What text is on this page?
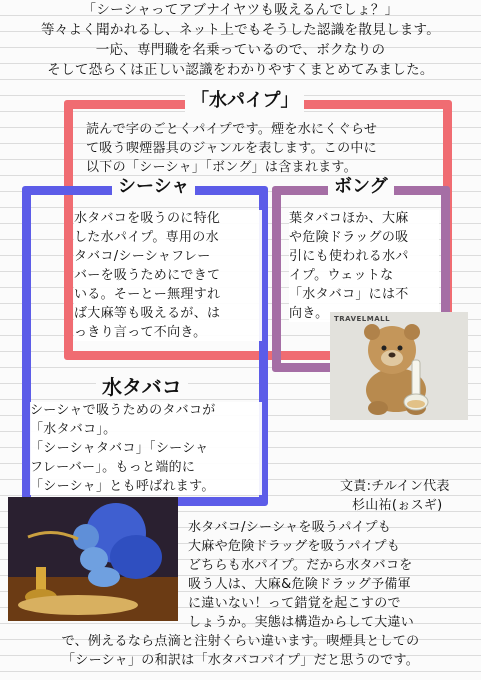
「シーシャってアブナイヤツも吸えるんでしょ？」
等々よく聞かれるし、ネット上でもそうした認識を散見します。
一応、専門職を名乗っているので、ボクなりの
そして恐らくは正しい認識をわかりやすくまとめてみました。
「水パイプ」
読んで字のごとくパイプです。煙を水にくぐらせ
て吸う喫煙器具のジャンルを表します。この中に
以下の「シーシャ」「ボング」は含まれます。
シーシャ
水タバコを吸うのに特化
した水パイプ。専用の水
タバコ/シーシャフレー
バーを吸うためにできて
いる。そーとー無理すれ
ば大麻等も吸えるが、は
っきり言って不向き。
ボング
葉タバコほか、大麻
や危険ドラッグの吸
引にも使われる水パ
イプ。ウェットな
「水タバコ」には不
向き。 TRAVELMALL
水タバコ
シーシャで吸うためのタバコが
「水タバコ」。
「シーシャタバコ」「シーシャ
フレーバー」。もっと端的に
「シーシャ」とも呼ばれます。	文責:チルイン代表
杉山祐(ぉスギ)
水タバコ/シーシャを吸うパイプも
大麻や危険ドラッグを吸うパイプも
どちらも水パイプ。だから水タバコを
吸う人は、大麻&危険ドラッグ予備軍
に違いない！って錯覚を起こすので
しょうか。実態は構造からして大違い
で、例えるなら点滴と注射くらい違います。喫煙具としての
「シーシャ」の和訳は「水タバコパイプ」だと思うのです。
